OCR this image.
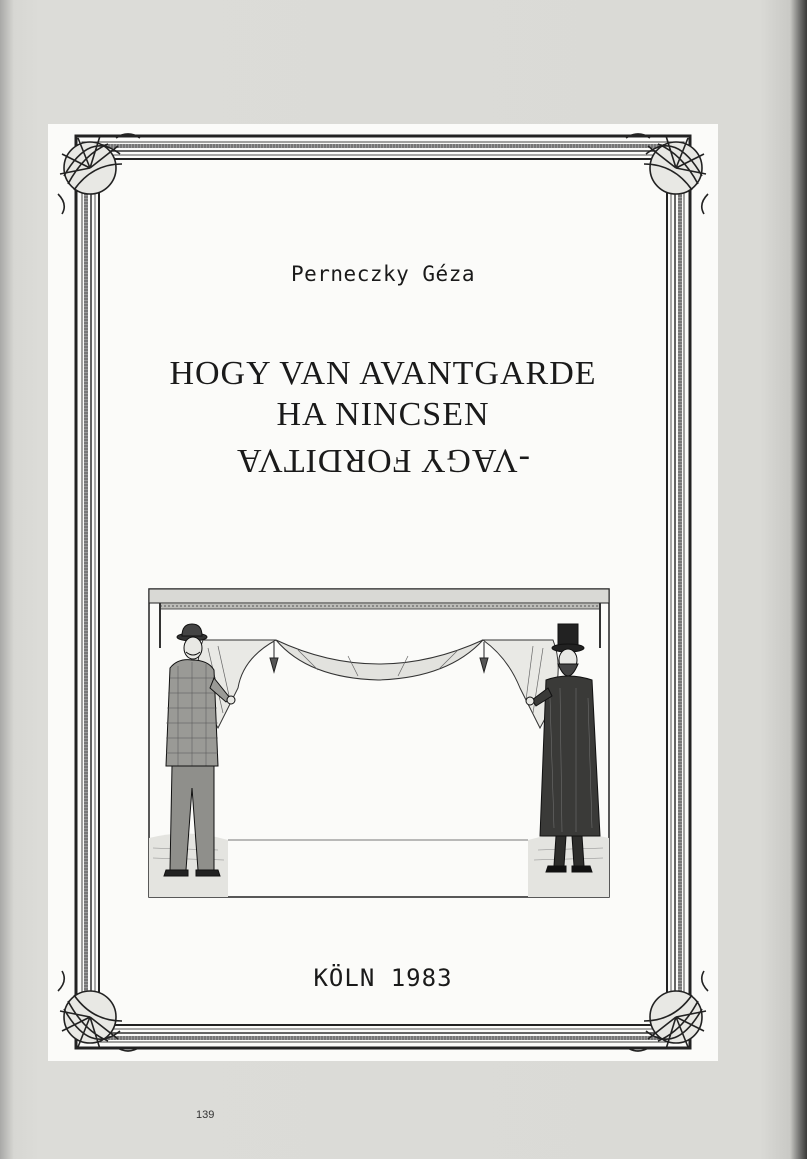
Perneczky Géza
HOGY VAN AVANTGARDE
HA NINCSEN
-VAGY FORDITVA
KÖLN 1983
139
